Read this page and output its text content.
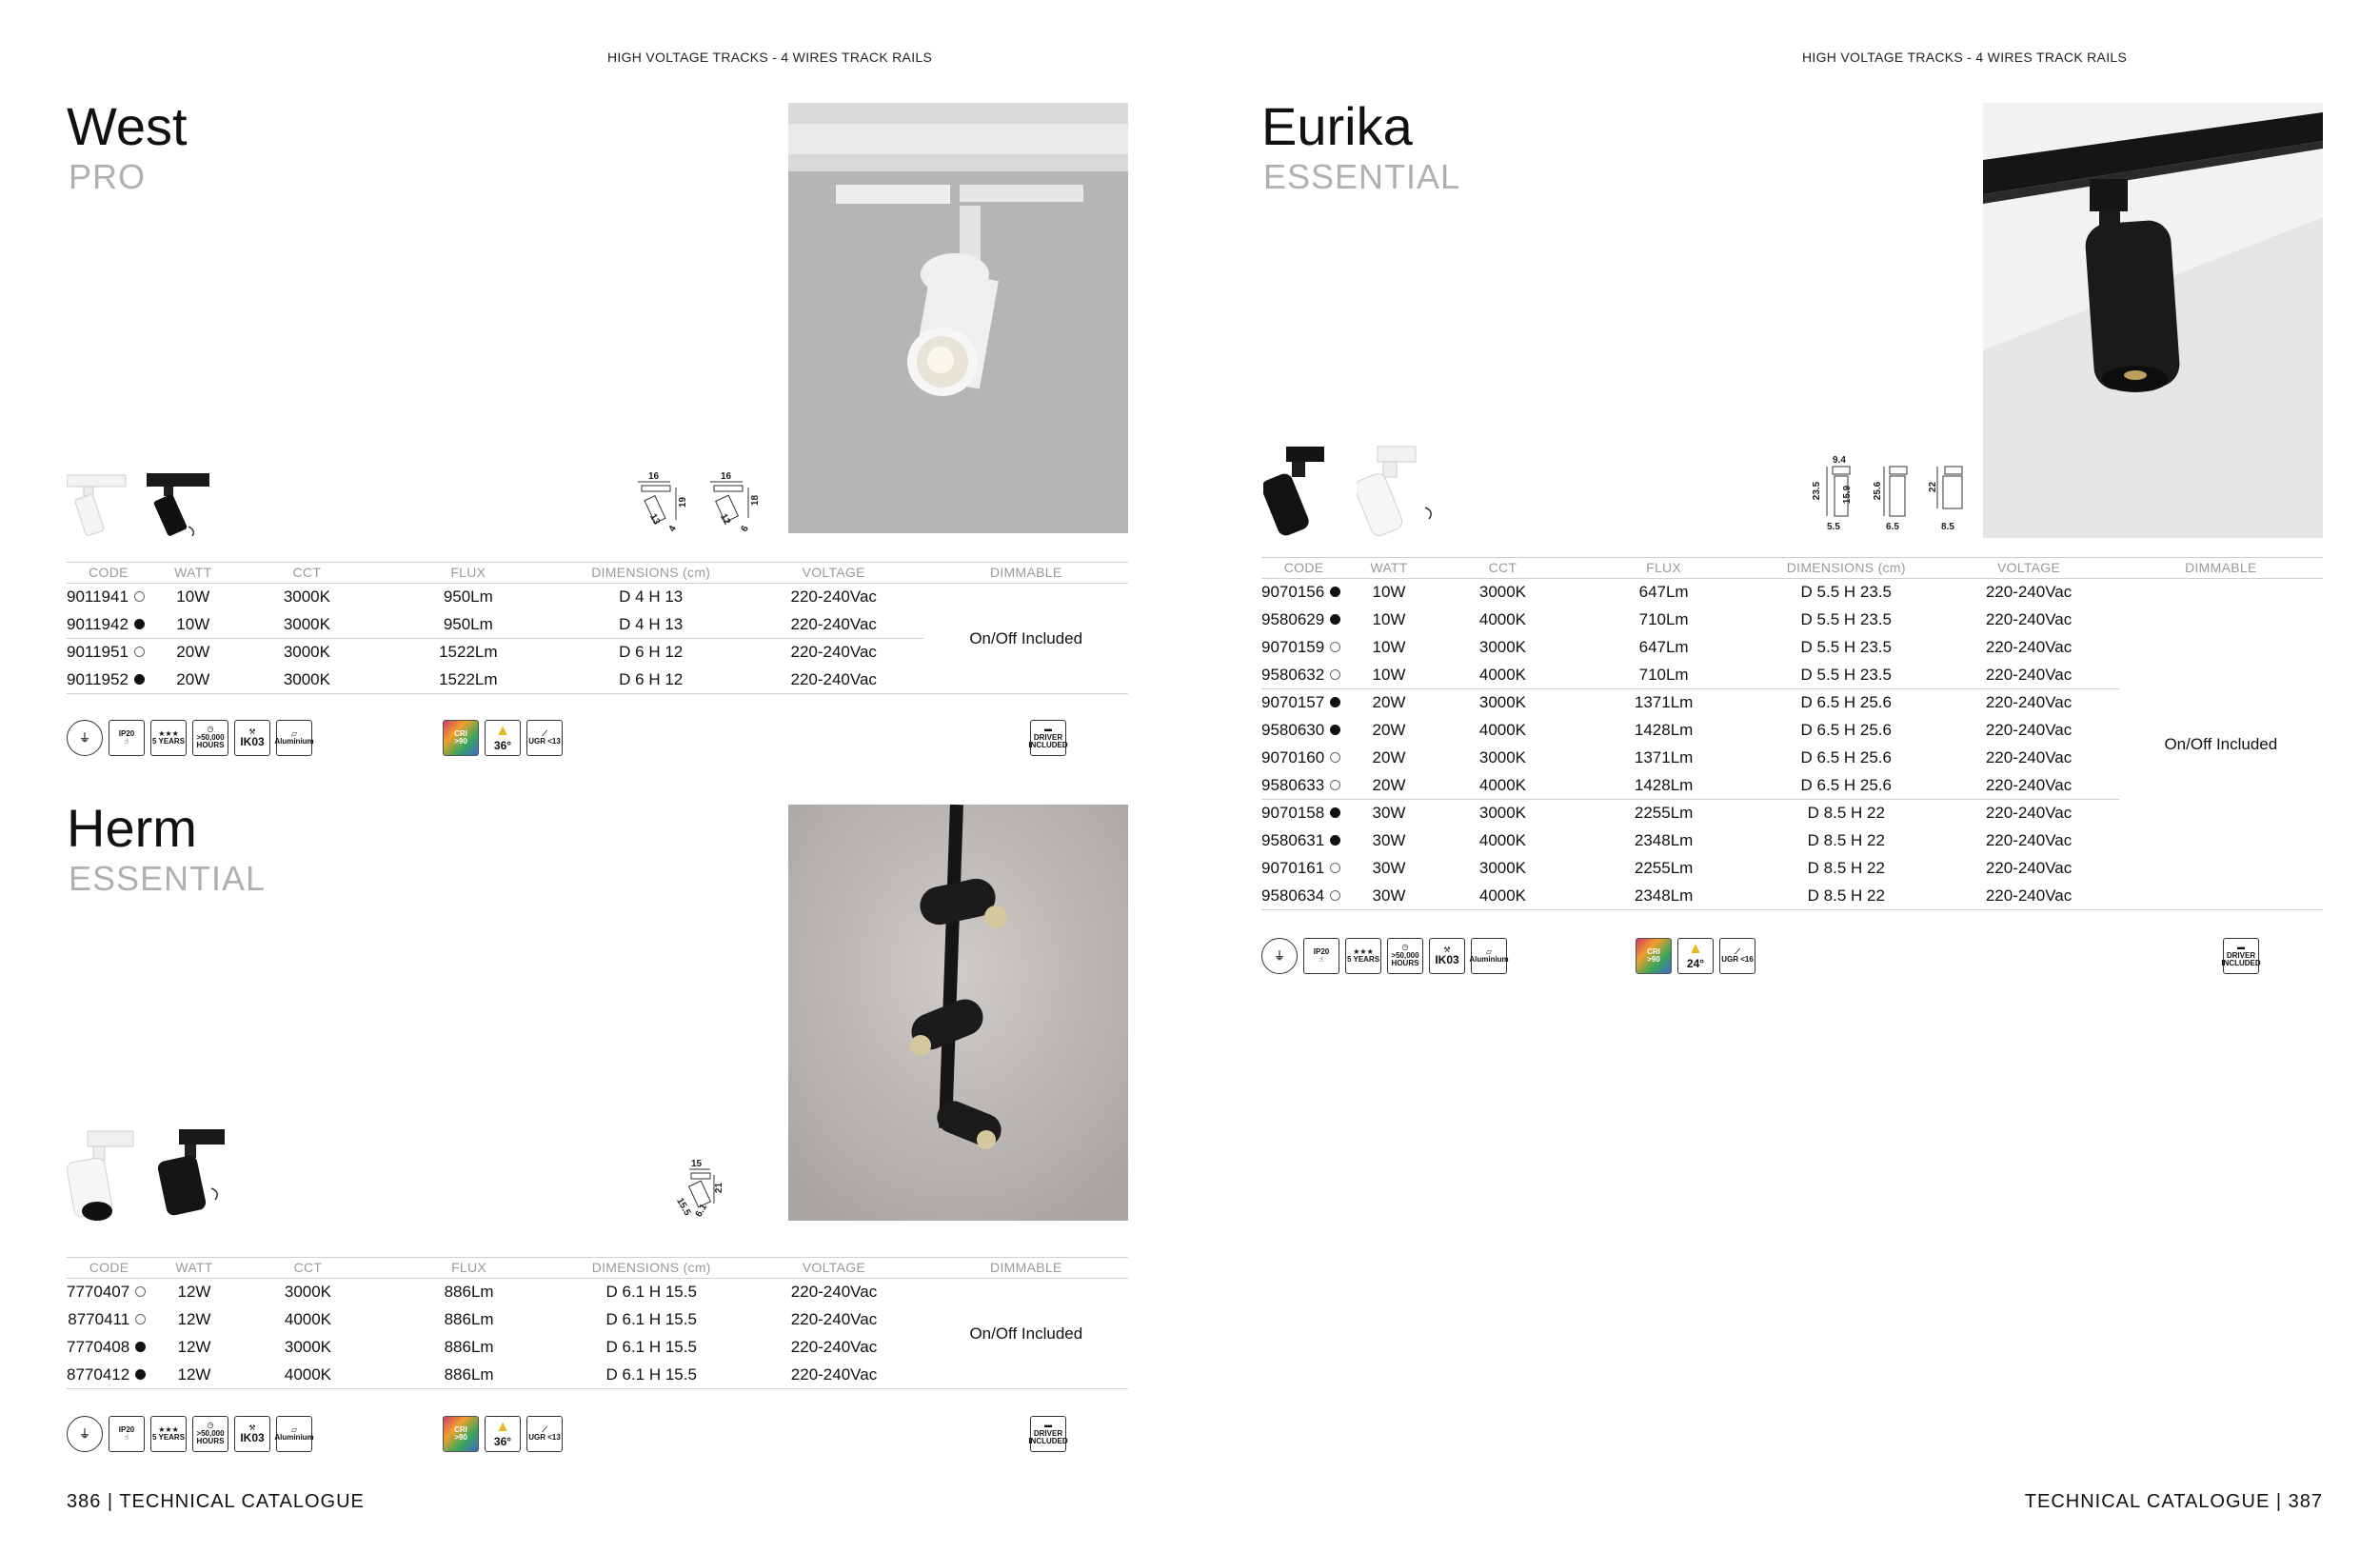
HIGH VOLTAGE TRACKS - 4 WIRES TRACK RAILS
West
PRO
16
19
13
4
16
18
12
6
CODE	WATT	CCT	FLUX	DIMENSIONS (cm)	VOLTAGE	DIMMABLE
9011941	10W	3000K	950Lm	D 4 H 13	220-240Vac	On/Off Included
9011942	10W	3000K	950Lm	D 4 H 13	220-240Vac	
9011951	20W	3000K	1522Lm	D 6 H 12	220-240Vac	
9011952	20W	3000K	1522Lm	D 6 H 12	220-240Vac	
⏚	IP20
☝
★★★
5 YEARS
◷
>50,000
HOURS
⚒
IK03
▱
Aluminium
CRI
>90
▲
36°
⟋
UGR <13
▬
DRIVER
INCLUDED
Herm
ESSENTIAL
15
21
15.5 6.1
CODE	WATT	CCT	FLUX	DIMENSIONS (cm)	VOLTAGE	DIMMABLE
7770407	12W	3000K	886Lm	D 6.1 H 15.5	220-240Vac	On/Off Included
8770411	12W	4000K	886Lm	D 6.1 H 15.5	220-240Vac	
7770408	12W	3000K	886Lm	D 6.1 H 15.5	220-240Vac	
8770412	12W	4000K	886Lm	D 6.1 H 15.5	220-240Vac	
⏚	IP20
☝
★★★
5 YEARS
◷
>50,000
HOURS
⚒
IK03
▱
Aluminium
CRI
>90
▲
36°
⟋
UGR <13
▬
DRIVER
INCLUDED
386 | TECHNICAL CATALOGUE
HIGH VOLTAGE TRACKS - 4 WIRES TRACK RAILS
Eurika
ESSENTIAL
9.4
23.5 15.9
5.5
25.6
6.5
22
8.5
CODE	WATT	CCT	FLUX	DIMENSIONS (cm)	VOLTAGE	DIMMABLE
9070156	10W	3000K	647Lm	D 5.5 H 23.5	220-240Vac	On/Off Included
9580629	10W	4000K	710Lm	D 5.5 H 23.5	220-240Vac	
9070159	10W	3000K	647Lm	D 5.5 H 23.5	220-240Vac	
9580632	10W	4000K	710Lm	D 5.5 H 23.5	220-240Vac	
9070157	20W	3000K	1371Lm	D 6.5 H 25.6	220-240Vac	
9580630	20W	4000K	1428Lm	D 6.5 H 25.6	220-240Vac	
9070160	20W	3000K	1371Lm	D 6.5 H 25.6	220-240Vac	
9580633	20W	4000K	1428Lm	D 6.5 H 25.6	220-240Vac	
9070158	30W	3000K	2255Lm	D 8.5 H 22	220-240Vac	
9580631	30W	4000K	2348Lm	D 8.5 H 22	220-240Vac	
9070161	30W	3000K	2255Lm	D 8.5 H 22	220-240Vac	
9580634	30W	4000K	2348Lm	D 8.5 H 22	220-240Vac	
⏚	IP20
☝
★★★
5 YEARS
◷
>50,000
HOURS
⚒
IK03
▱
Aluminium
CRI
>90
▲
24°
⟋
UGR <16
▬
DRIVER
INCLUDED
TECHNICAL CATALOGUE | 387
